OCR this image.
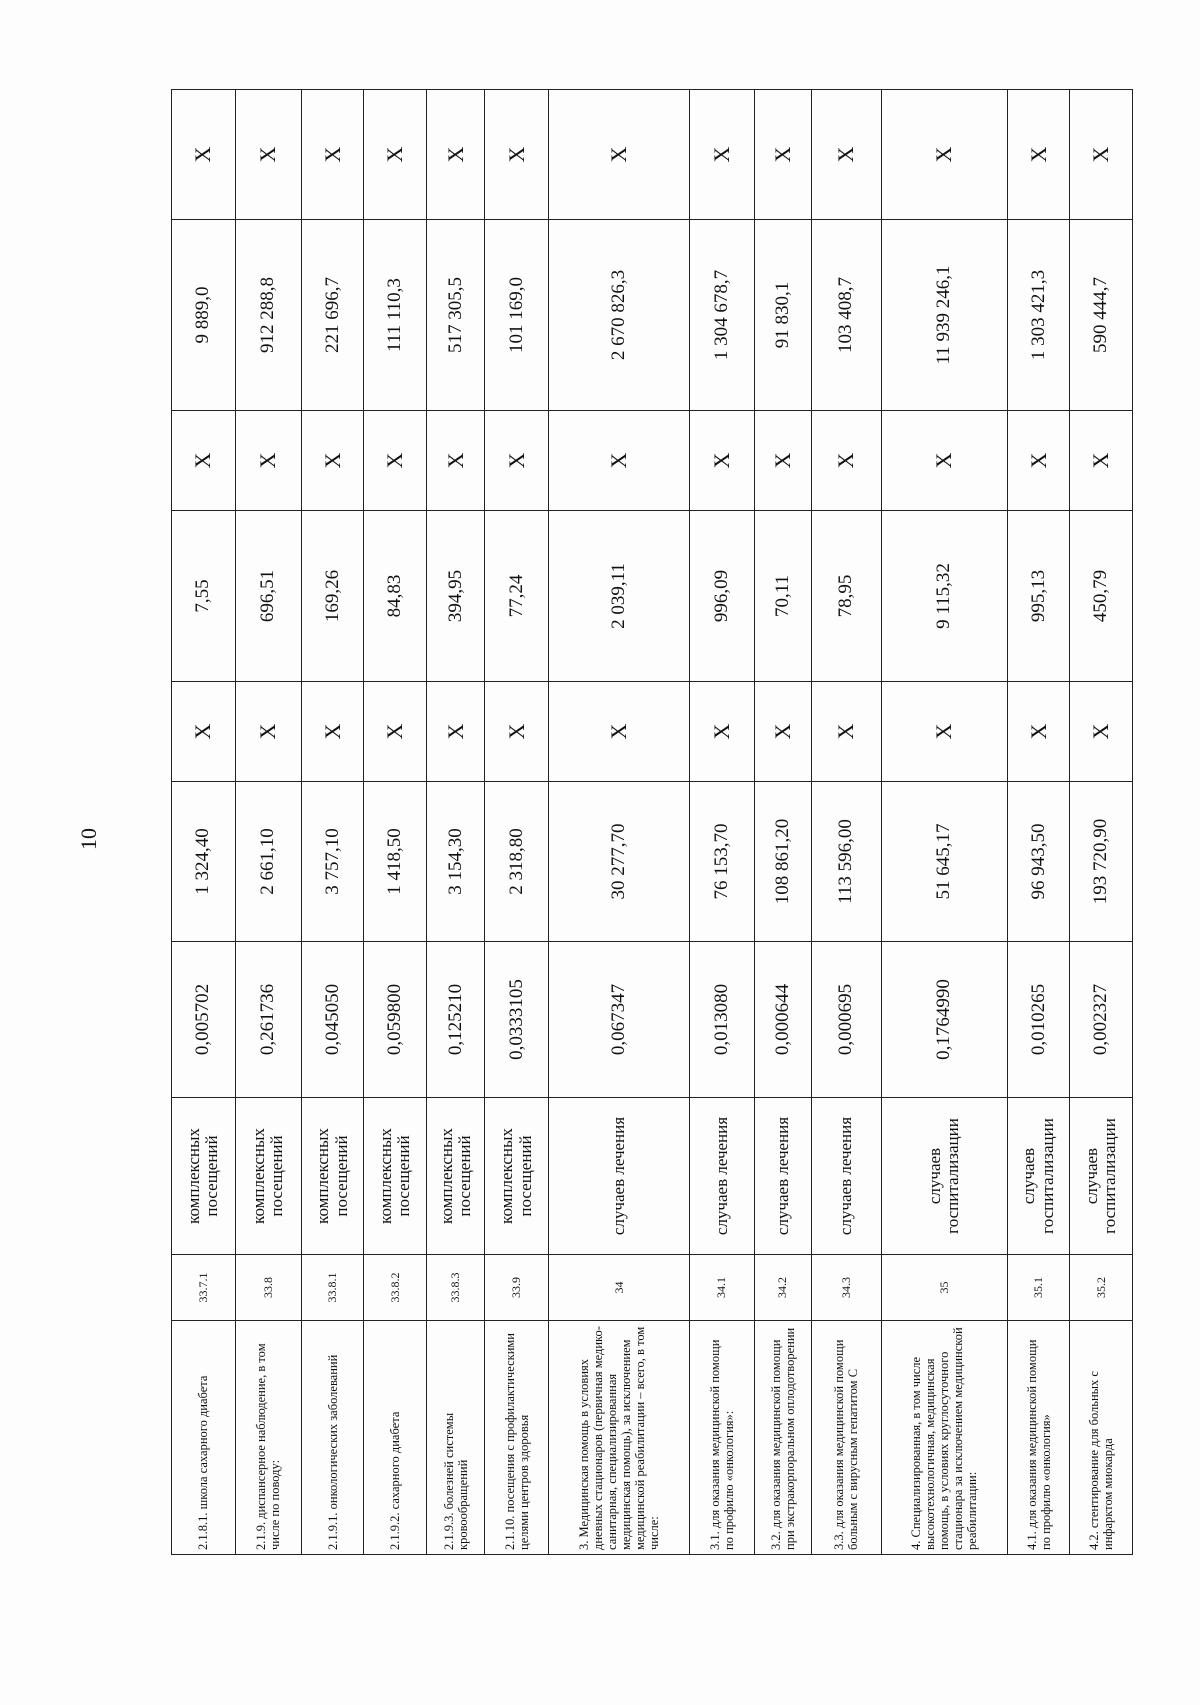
10
2.1.8.1. школа сахарного диабета	33.7.1	комплексных посещений	0,005702	1 324,40	X	7,55	X	9 889,0	X
2.1.9. диспансерное наблюдение, в том числе по поводу:	33.8	комплексных посещений	0,261736	2 661,10	X	696,51	X	912 288,8	X
2.1.9.1. онкологических заболеваний	33.8.1	комплексных посещений	0,045050	3 757,10	X	169,26	X	221 696,7	X
2.1.9.2. сахарного диабета	33.8.2	комплексных посещений	0,059800	1 418,50	X	84,83	X	111 110,3	X
2.1.9.3. болезней системы кровообращений	33.8.3	комплексных посещений	0,125210	3 154,30	X	394,95	X	517 305,5	X
2.1.10. посещения с профилактическими целями центров здоровья	33.9	комплексных посещений	0,0333105	2 318,80	X	77,24	X	101 169,0	X
3. Медицинская помощь в условиях дневных стационаров (первичная медико-санитарная, специализированная медицинская помощь), за исключением медицинской реабилитации – всего, в том числе:	34	случаев лечения	0,067347	30 277,70	X	2 039,11	X	2 670 826,3	X
3.1. для оказания медицинской помощи по профилю «онкология»:	34.1	случаев лечения	0,013080	76 153,70	X	996,09	X	1 304 678,7	X
3.2. для оказания медицинской помощи при экстракорпоральном оплодотворении	34.2	случаев лечения	0,000644	108 861,20	X	70,11	X	91 830,1	X
3.3. для оказания медицинской помощи больным с вирусным гепатитом С	34.3	случаев лечения	0,000695	113 596,00	X	78,95	X	103 408,7	X
4. Специализированная, в том числе высокотехнологичная, медицинская помощь, в условиях круглосуточного стационара за исключением медицинской реабилитации:	35	случаев госпитализации	0,1764990	51 645,17	X	9 115,32	X	11 939 246,1	X
4.1. для оказания медицинской помощи по профилю «онкология»	35.1	случаев госпитализации	0,010265	96 943,50	X	995,13	X	1 303 421,3	X
4.2. стентирование для больных с инфарктом миокарда	35.2	случаев госпитализации	0,002327	193 720,90	X	450,79	X	590 444,7	X
